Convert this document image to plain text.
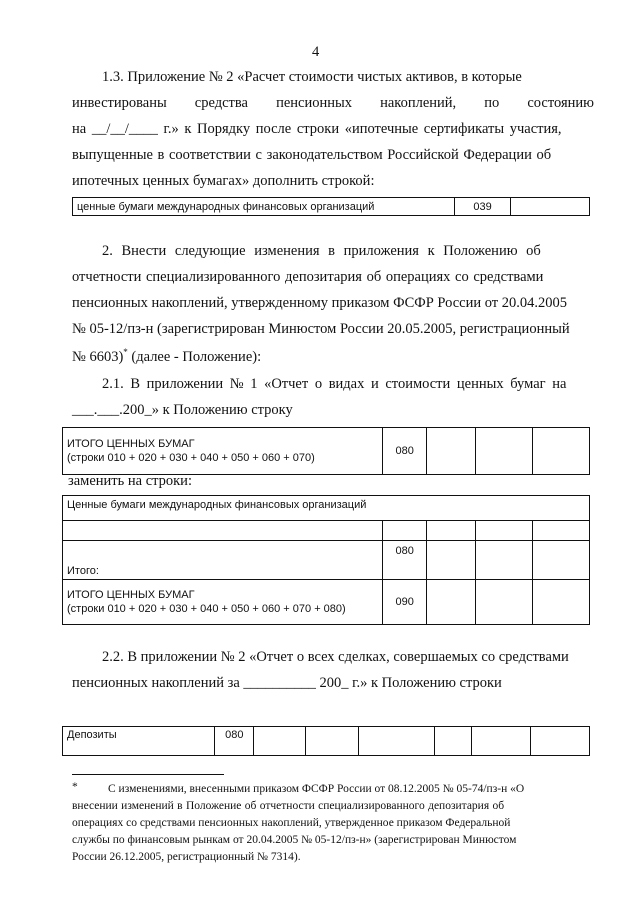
4
1.3. Приложение № 2 «Расчет стоимости чистых активов, в которые
инвестированы средства пенсионных накоплений, по состоянию
на __/__/____ г.» к Порядку после строки «ипотечные сертификаты участия,
выпущенные в соответствии с законодательством Российской Федерации об
ипотечных ценных бумагах» дополнить строкой:
ценные бумаги международных финансовых организаций	039	
2. Внести следующие изменения в приложения к Положению об
отчетности специализированного депозитария об операциях со средствами
пенсионных накоплений, утвержденному приказом ФСФР России от 20.04.2005
№ 05-12/пз-н (зарегистрирован Минюстом России 20.05.2005, регистрационный
№ 6603)* (далее - Положение):
2.1. В приложении № 1 «Отчет о видах и стоимости ценных бумаг на
___.___.200_» к Положению строку
ИТОГО ЦЕННЫХ БУМАГ
(строки 010 + 020 + 030 + 040 + 050 + 060 + 070)
	080			
заменить на строки:
Ценные бумаги международных финансовых организаций				

Итого:	080			

ИТОГО ЦЕННЫХ БУМАГ
(строки 010 + 020 + 030 + 040 + 050 + 060 + 070 + 080)	090			
2.2. В приложении № 2 «Отчет о всех сделках, совершаемых со средствами
пенсионных накоплений за __________ 200_ г.» к Положению строки
Депозиты	080						
*	С изменениями, внесенными приказом ФСФР России от 08.12.2005 № 05-74/пз-н «О
внесении изменений в Положение об отчетности специализированного депозитария об
операциях со средствами пенсионных накоплений, утвержденное приказом Федеральной
службы по финансовым рынкам от 20.04.2005 № 05-12/пз-н» (зарегистрирован Минюстом
России 26.12.2005, регистрационный № 7314).
